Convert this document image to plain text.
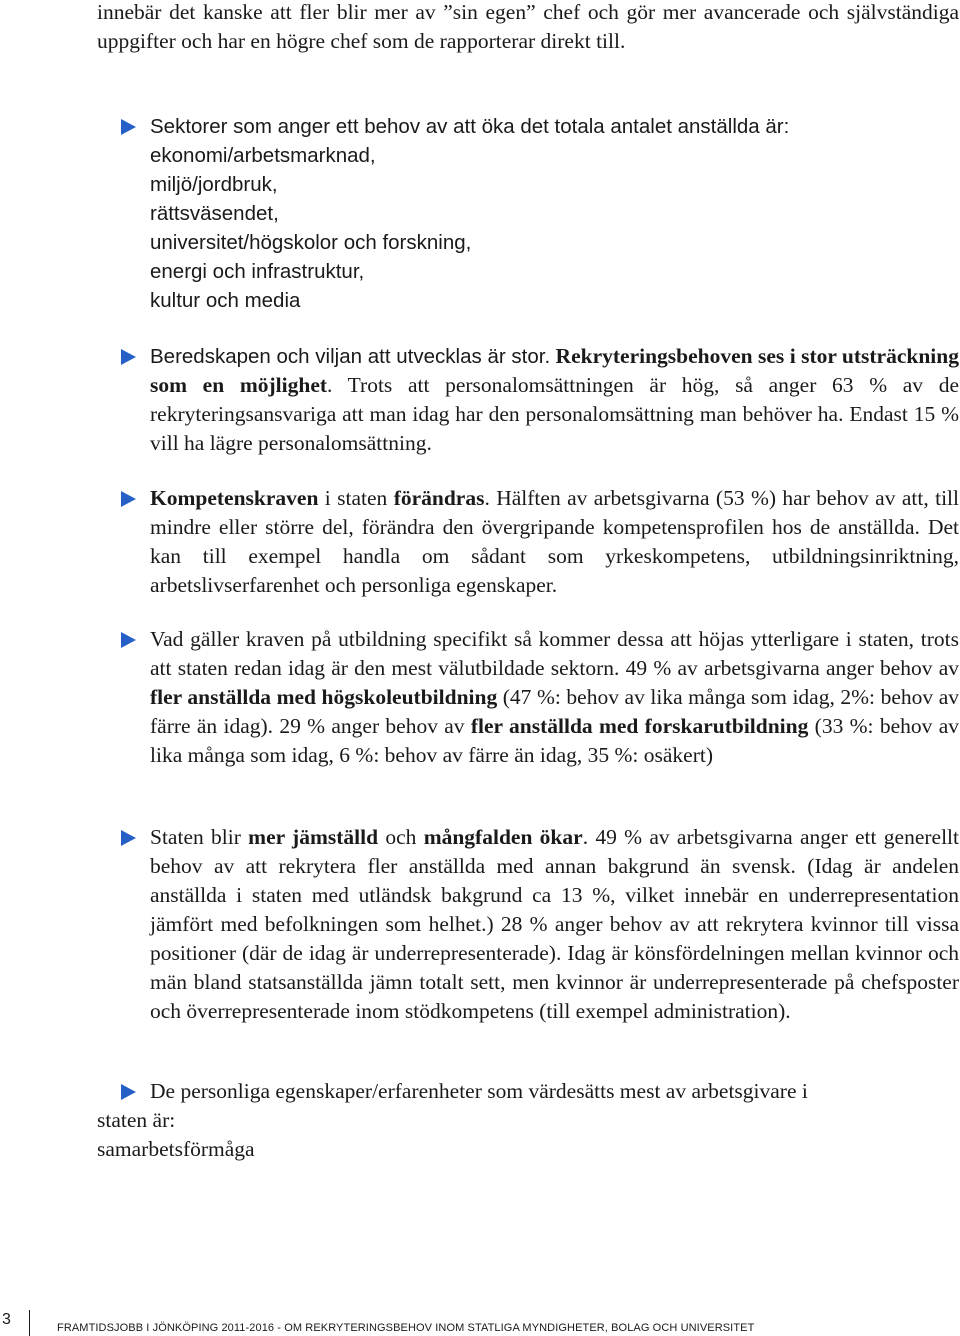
innebär det kanske att fler blir mer av ”sin egen” chef och gör mer avancerade och självständiga uppgifter och har en högre chef som de rapporterar direkt till.
Sektorer som anger ett behov av att öka det totala antalet anställda är:
ekonomi/arbetsmarknad,
miljö/jordbruk,
rättsväsendet,
universitet/högskolor och forskning,
energi och infrastruktur,
kultur och media
Beredskapen och viljan att utvecklas är stor. Rekryteringsbehoven ses i stor utsträckning som en möjlighet. Trots att personalomsättningen är hög, så anger 63 % av de rekryteringsansvariga att man idag har den personalomsättning man behöver ha. Endast 15 % vill ha lägre personalomsättning.
Kompetenskraven i staten förändras. Hälften av arbetsgivarna (53 %) har behov av att, till mindre eller större del, förändra den övergripande kompetensprofilen hos de anställda. Det kan till exempel handla om sådant som yrkeskompetens, utbildningsinriktning, arbetslivserfarenhet och personliga egenskaper.
Vad gäller kraven på utbildning specifikt så kommer dessa att höjas ytterligare i staten, trots att staten redan idag är den mest välutbildade sektorn. 49 % av arbetsgivarna anger behov av fler anställda med högskoleutbildning (47 %: behov av lika många som idag, 2%: behov av färre än idag). 29 % anger behov av fler anställda med forskarutbildning (33 %: behov av lika många som idag, 6 %: behov av färre än idag, 35 %: osäkert)
Staten blir mer jämställd och mångfalden ökar. 49 % av arbetsgivarna anger ett generellt behov av att rekrytera fler anställda med annan bakgrund än svensk. (Idag är andelen anställda i staten med utländsk bakgrund ca 13 %, vilket innebär en underrepresentation jämfört med befolkningen som helhet.) 28 % anger behov av att rekrytera kvinnor till vissa positioner (där de idag är underrepresenterade). Idag är könsfördelningen mellan kvinnor och män bland statsanställda jämn totalt sett, men kvinnor är underrepresenterade på chefsposter och överrepresenterade inom stödkompetens (till exempel administration).
De personliga egenskaper/erfarenheter som värdesätts mest av arbetsgivare i
staten är:
samarbetsförmåga
3	FRAMTIDSJOBB I JÖNKÖPING 2011-2016 - OM REKRYTERINGSBEHOV INOM STATLIGA MYNDIGHETER, BOLAG OCH UNIVERSITET
